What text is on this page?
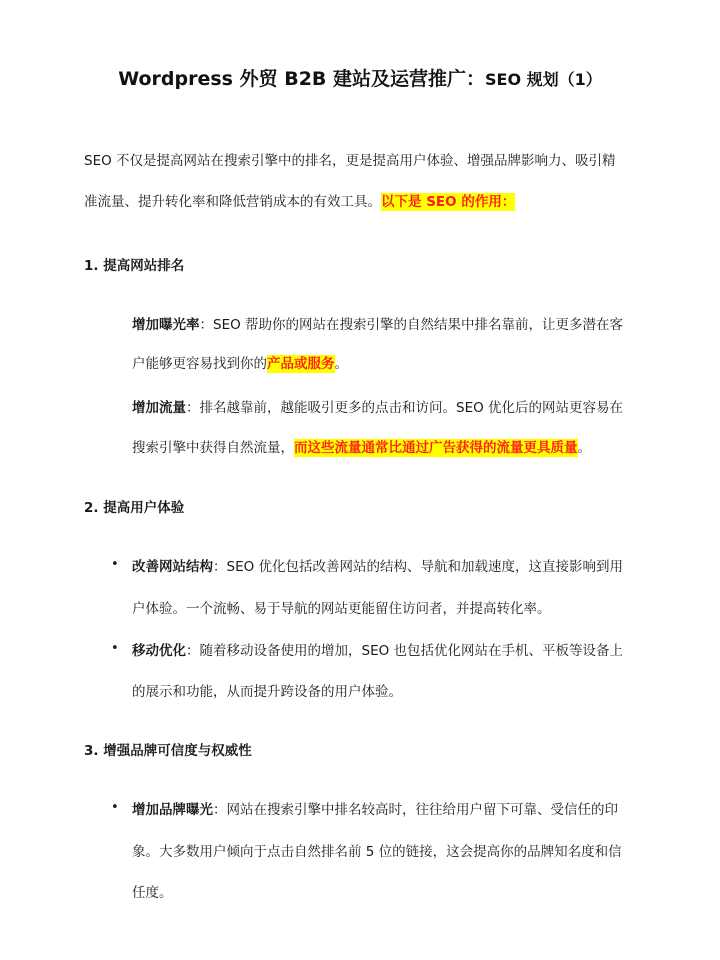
Wordpress 外贸 B2B 建站及运营推广：SEO 规划（1）
SEO 不仅是提高网站在搜索引擎中的排名，更是提高用户体验、增强品牌影响力、吸引精
准流量、提升转化率和降低营销成本的有效工具。以下是 SEO 的作用：
1. 提高网站排名
增加曝光率：SEO 帮助你的网站在搜索引擎的自然结果中排名靠前，让更多潜在客
户能够更容易找到你的产品或服务。
增加流量：排名越靠前，越能吸引更多的点击和访问。SEO 优化后的网站更容易在
搜索引擎中获得自然流量，而这些流量通常比通过广告获得的流量更具质量。
2. 提高用户体验
• 改善网站结构：SEO 优化包括改善网站的结构、导航和加载速度，这直接影响到用
户体验。一个流畅、易于导航的网站更能留住访问者，并提高转化率。
• 移动优化：随着移动设备使用的增加，SEO 也包括优化网站在手机、平板等设备上
的展示和功能，从而提升跨设备的用户体验。
3. 增强品牌可信度与权威性
• 增加品牌曝光：网站在搜索引擎中排名较高时，往往给用户留下可靠、受信任的印
象。大多数用户倾向于点击自然排名前 5 位的链接，这会提高你的品牌知名度和信
任度。
